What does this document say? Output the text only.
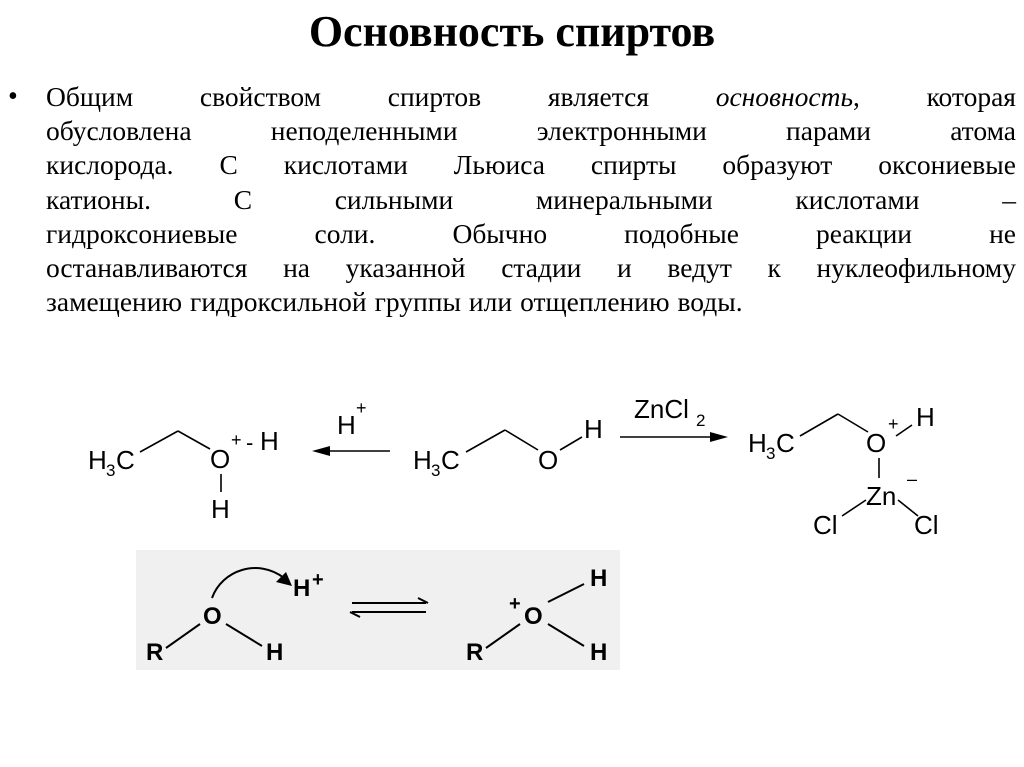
Основность спиртов
• Общим свойством спиртов является основность, которая
обусловлена	неподеленными	электронными	парами	атома
кислорода. С кислотами Льюиса спирты образуют оксониевые
катионы.	С	сильными	минеральными	кислотами	–
гидроксониевые	соли.	Обычно	подобные	реакции	не
останавливаются на указанной стадии и ведут к нуклеофильному
замещению гидроксильной группы или отщеплению воды.
H 3 C	O
+ - H
H
H
+
H 3 C	O
H
ZnCl 2
H 3 C	O
+ H
Zn
–
Cl	Cl
R
O
H
H +
R
+ O
H
H
